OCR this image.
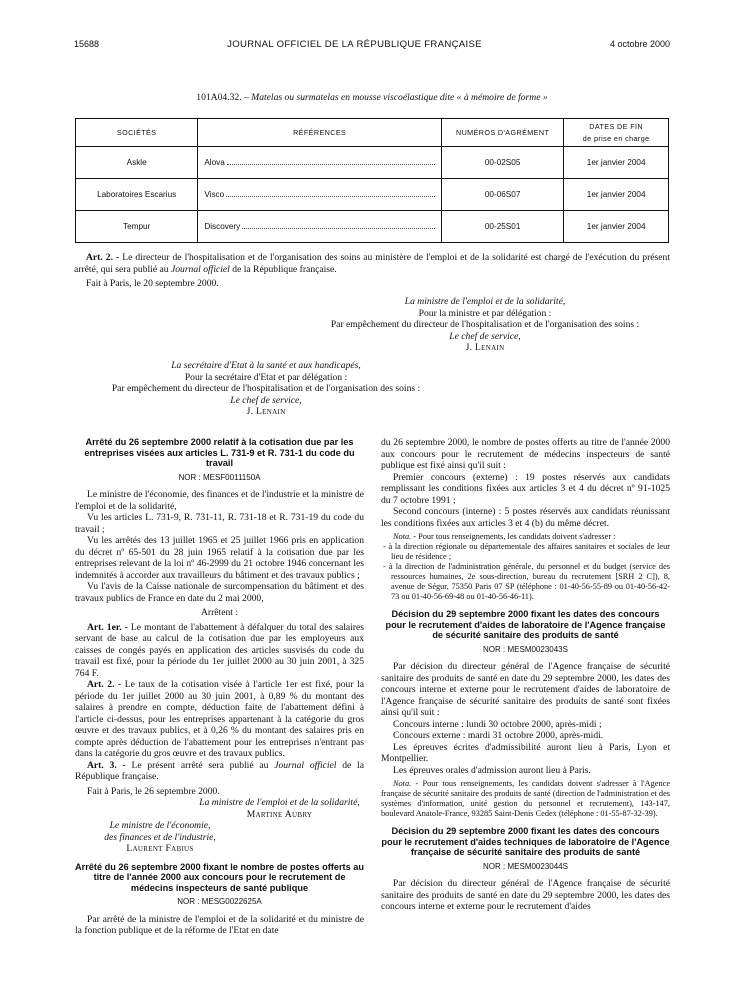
15688	JOURNAL OFFICIEL DE LA RÉPUBLIQUE FRANÇAISE	4 octobre 2000
101A04.32. – Matelas ou surmatelas en mousse viscoélastique dite « à mémoire de forme »
SOCIÉTÉS	RÉFÉRENCES	NUMÉROS D'AGRÉMENT	DATES DE FIN
de prise en charge
Askle	Alova	00-02S05	1er janvier 2004
Laboratoires Escarius	Visco	00-06S07	1er janvier 2004
Tempur	Discovery	00-25S01	1er janvier 2004

Art. 2. - Le directeur de l'hospitalisation et de l'organisation des soins au ministère de l'emploi et de la solidarité est chargé de l'exécution du présent arrêté, qui sera publié au Journal officiel de la République française.

Fait à Paris, le 20 septembre 2000.

La ministre de l'emploi et de la solidarité,
Pour la ministre et par délégation :
Par empêchement du directeur de l'hospitalisation et de l'organisation des soins :
Le chef de service,
J. Lenain
La secrétaire d'Etat à la santé et aux handicapés,
Pour la secrétaire d'Etat et par délégation :
Par empêchement du directeur de l'hospitalisation et de l'organisation des soins :
Le chef de service,
J. Lenain
Arrêté du 26 septembre 2000 relatif à la cotisation due par les entreprises visées aux articles L. 731-9 et R. 731-1 du code du travail
NOR : MESF0011150A

Le ministre de l'économie, des finances et de l'industrie et la ministre de l'emploi et de la solidarité,

Vu les articles L. 731-9, R. 731-11, R. 731-18 et R. 731-19 du code du travail ;

Vu les arrêtés des 13 juillet 1965 et 25 juillet 1966 pris en application du décret nº 65-501 du 28 juin 1965 relatif à la cotisation due par les entreprises relevant de la loi nº 46-2999 du 21 octobre 1946 concernant les indemnités à accorder aux travailleurs du bâtiment et des travaux publics ;

Vu l'avis de la Caisse nationale de surcompensation du bâtiment et des travaux publics de France en date du 2 mai 2000,

Arrêtent :

Art. 1er. - Le montant de l'abattement à défalquer du total des salaires servant de base au calcul de la cotisation due par les employeurs aux caisses de congés payés en application des articles susvisés du code du travail est fixé, pour la période du 1er juillet 2000 au 30 juin 2001, à 325 764 F.

Art. 2. - Le taux de la cotisation visée à l'article 1er est fixé, pour la période du 1er juillet 2000 au 30 juin 2001, à 0,89 % du montant des salaires à prendre en compte, déduction faite de l'abattement défini à l'article ci-dessus, pour les entreprises appartenant à la catégorie du gros œuvre et des travaux publics, et à 0,26 % du montant des salaires pris en compte après déduction de l'abattement pour les entreprises n'entrant pas dans la catégorie du gros œuvre et des travaux publics.

Art. 3. - Le présent arrêté sera publié au Journal officiel de la République française.

Fait à Paris, le 26 septembre 2000.

La ministre de l'emploi et de la solidarité,
Martine Aubry
Le ministre de l'économie,
des finances et de l'industrie,
Laurent Fabius
Arrêté du 26 septembre 2000 fixant le nombre de postes offerts au titre de l'année 2000 aux concours pour le recrutement de médecins inspecteurs de santé publique
NOR : MESG0022625A

Par arrêté de la ministre de l'emploi et de la solidarité et du ministre de la fonction publique et de la réforme de l'Etat en date

du 26 septembre 2000, le nombre de postes offerts au titre de l'année 2000 aux concours pour le recrutement de médecins inspecteurs de santé publique est fixé ainsi qu'il suit :

Premier concours (externe) : 19 postes réservés aux candidats remplissant les conditions fixées aux articles 3 et 4 du décret nº 91-1025 du 7 octobre 1991 ;

Second concours (interne) : 5 postes réservés aux candidats réunissant les conditions fixées aux articles 3 et 4 (b) du même décret.

Nota. - Pour tous renseignements, les candidats doivent s'adresser :

- à la direction régionale ou départementale des affaires sanitaires et sociales de leur lieu de résidence ;
- à la direction de l'administration générale, du personnel et du budget (service des ressources humaines, 2e sous-direction, bureau du recrutement [SRH 2 C]), 8, avenue de Ségur, 75350 Paris 07 SP (téléphone : 01-40-56-55-89 ou 01-40-56-42-73 ou 01-40-56-69-48 ou 01-40-56-46-11).
Décision du 29 septembre 2000 fixant les dates des concours pour le recrutement d'aides de laboratoire de l'Agence française de sécurité sanitaire des produits de santé
NOR : MESM0023043S

Par décision du directeur général de l'Agence française de sécurité sanitaire des produits de santé en date du 29 septembre 2000, les dates des concours interne et externe pour le recrutement d'aides de laboratoire de l'Agence française de sécurité sanitaire des produits de santé sont fixées ainsi qu'il suit :

Concours interne : lundi 30 octobre 2000, après-midi ;

Concours externe : mardi 31 octobre 2000, après-midi.

Les épreuves écrites d'admissibilité auront lieu à Paris, Lyon et Montpellier.

Les épreuves orales d'admission auront lieu à Paris.

Nota. - Pour tous renseignements, les candidats doivent s'adresser à l'Agence française de sécurité sanitaire des produits de santé (direction de l'administration et des systèmes d'information, unité gestion du personnel et recrutement), 143-147, boulevard Anatole-France, 93285 Saint-Denis Cedex (téléphone : 01-55-87-32-39).

Décision du 29 septembre 2000 fixant les dates des concours pour le recrutement d'aides techniques de laboratoire de l'Agence française de sécurité sanitaire des produits de santé
NOR : MESM0023044S

Par décision du directeur général de l'Agence française de sécurité sanitaire des produits de santé en date du 29 septembre 2000, les dates des concours interne et externe pour le recrutement d'aides
